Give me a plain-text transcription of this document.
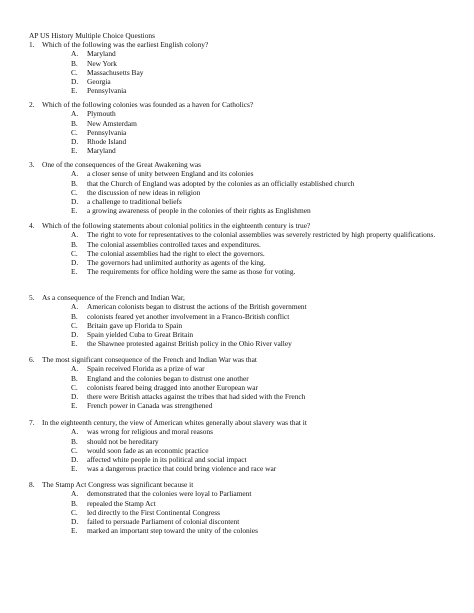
AP US History Multiple Choice Questions
1.	Which of the following was the earliest English colony?
A.	Maryland
B.	New York
C.	Massachusetts Bay
D.	Georgia
E.	Pennsylvania
2.	Which of the following colonies was founded as a haven for Catholics?
A.	Plymouth
B.	New Amsterdam
C.	Pennsylvania
D.	Rhode Island
E.	Maryland
3.	One of the consequences of the Great Awakening was
A.	a closer sense of unity between England and its colonies
B.	that the Church of England was adopted by the colonies as an officially established church
C.	the discussion of new ideas in religion
D.	a challenge to traditional beliefs
E.	a growing awareness of people in the colonies of their rights as Englishmen
4.	Which of the following statements about colonial politics in the eighteenth century is true?
A.	The right to vote for representatives to the colonial assemblies was severely restricted by high property qualifications.
B.	The colonial assemblies controlled taxes and expenditures.
C.	The colonial assemblies had the right to elect the governors.
D.	The governors had unlimited authority as agents of the king.
E.	The requirements for office holding were the same as those for voting.
5.	As a consequence of the French and Indian War,
A.	American colonists began to distrust the actions of the British government
B.	colonists feared yet another involvement in a Franco-British conflict
C.	Britain gave up Florida to Spain
D.	Spain yielded Cuba to Great Britain
E.	the Shawnee protested against British policy in the Ohio River valley
6.	The most significant consequence of the French and Indian War was that
A.	Spain received Florida as a prize of war
B.	England and the colonies began to distrust one another
C.	colonists feared being dragged into another European war
D.	there were British attacks against the tribes that had sided with the French
E.	French power in Canada was strengthened
7.	In the eighteenth century, the view of American whites generally about slavery was that it
A.	was wrong for religious and moral reasons
B.	should not be hereditary
C.	would soon fade as an economic practice
D.	affected white people in its political and social impact
E.	was a dangerous practice that could bring violence and race war
8.	The Stamp Act Congress was significant because it
A.	demonstrated that the colonies were loyal to Parliament
B.	repealed the Stamp Act
C.	led directly to the First Continental Congress
D.	failed to persuade Parliament of colonial discontent
E.	marked an important step toward the unity of the colonies
